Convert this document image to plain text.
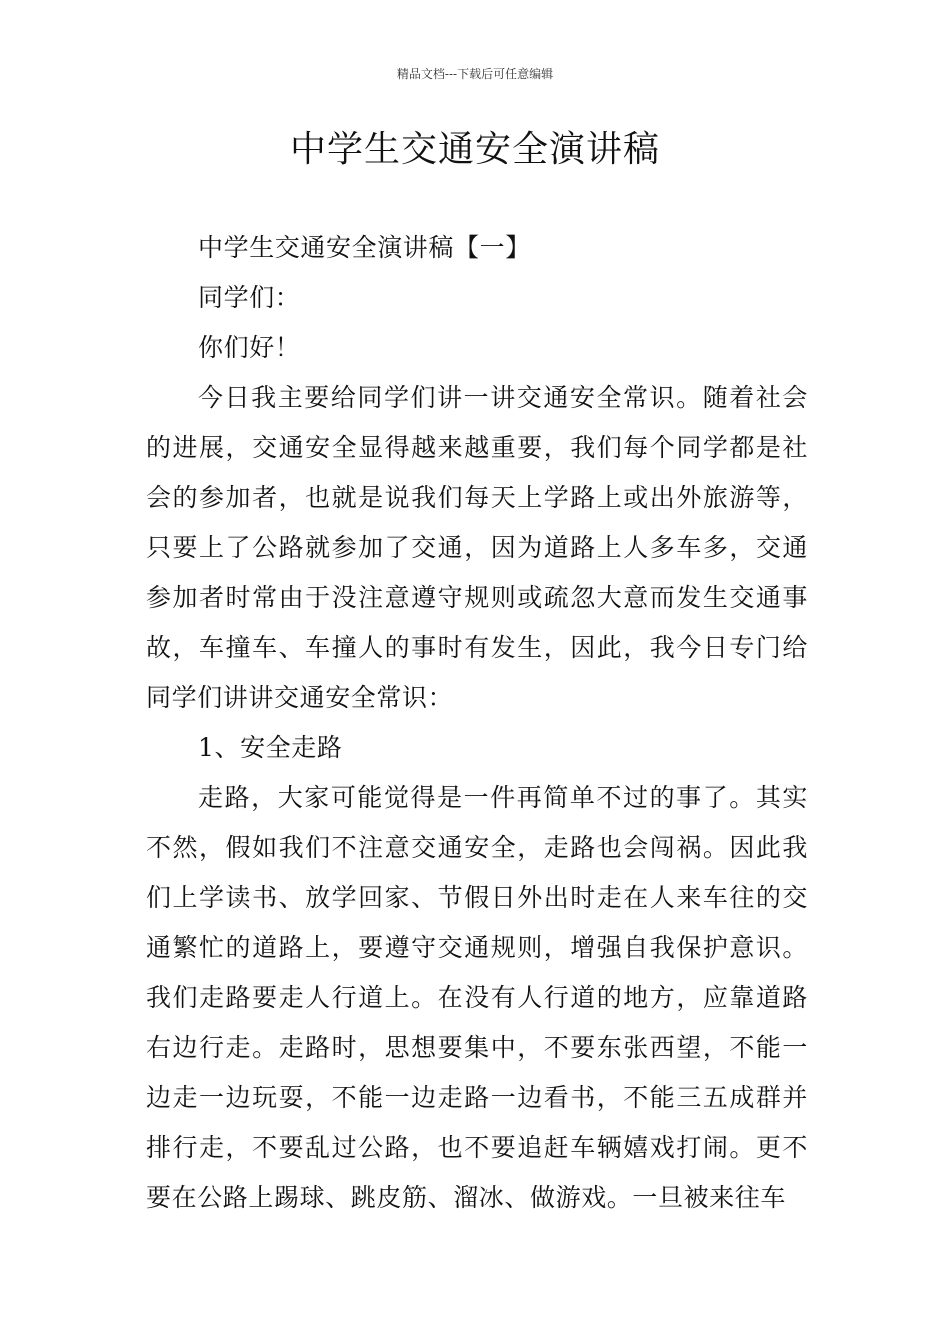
精品文档---下载后可任意编辑
中学生交通安全演讲稿

中学生交通安全演讲稿【一】

同学们：

你们好！

今日我主要给同学们讲一讲交通安全常识。随着社会的进展，交通安全显得越来越重要，我们每个同学都是社会的参加者，也就是说我们每天上学路上或出外旅游等，只要上了公路就参加了交通，因为道路上人多车多，交通参加者时常由于没注意遵守规则或疏忽大意而发生交通事故，车撞车、车撞人的事时有发生，因此，我今日专门给同学们讲讲交通安全常识：

1、安全走路

走路，大家可能觉得是一件再简单不过的事了。其实不然，假如我们不注意交通安全，走路也会闯祸。因此我们上学读书、放学回家、节假日外出时走在人来车往的交通繁忙的道路上，要遵守交通规则，增强自我保护意识。我们走路要走人行道上。在没有人行道的地方，应靠道路右边行走。走路时，思想要集中，不要东张西望，不能一边走一边玩耍，不能一边走路一边看书，不能三五成群并排行走，不要乱过公路，也不要追赶车辆嬉戏打闹。更不要在公路上踢球、跳皮筋、溜冰、做游戏。一旦被来往车
